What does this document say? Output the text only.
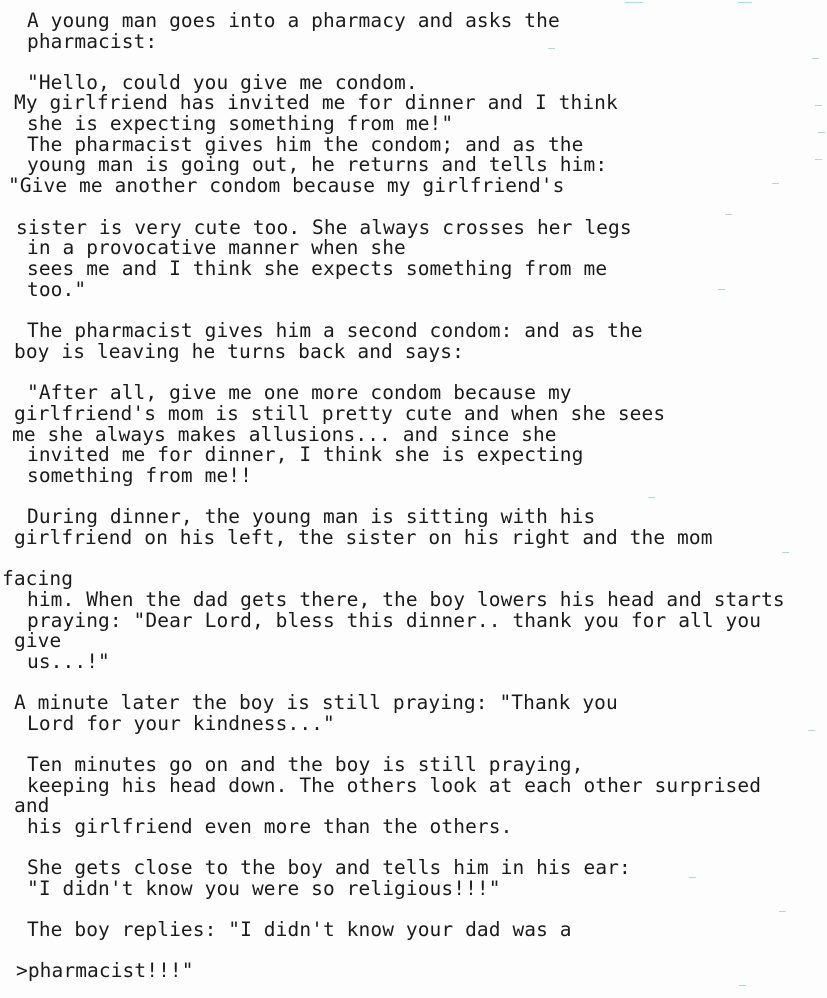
A young man goes into a pharmacy and asks the
pharmacist:
"Hello, could you give me condom.
My girlfriend has invited me for dinner and I think
she is expecting something from me!"
The pharmacist gives him the condom; and as the
young man is going out, he returns and tells him:
"Give me another condom because my girlfriend's
sister is very cute too. She always crosses her legs
in a provocative manner when she
sees me and I think she expects something from me
too."
The pharmacist gives him a second condom: and as the
boy is leaving he turns back and says:
"After all, give me one more condom because my
girlfriend's mom is still pretty cute and when she sees
me she always makes allusions... and since she
invited me for dinner, I think she is expecting
something from me!!
During dinner, the young man is sitting with his
girlfriend on his left, the sister on his right and the mom
facing
him. When the dad gets there, the boy lowers his head and starts
praying: "Dear Lord, bless this dinner.. thank you for all you
give
us...!"
A minute later the boy is still praying: "Thank you
Lord for your kindness..."
Ten minutes go on and the boy is still praying,
keeping his head down. The others look at each other surprised
and
his girlfriend even more than the others.
She gets close to the boy and tells him in his ear:
"I didn't know you were so religious!!!"
The boy replies: "I didn't know your dad was a
>pharmacist!!!"
